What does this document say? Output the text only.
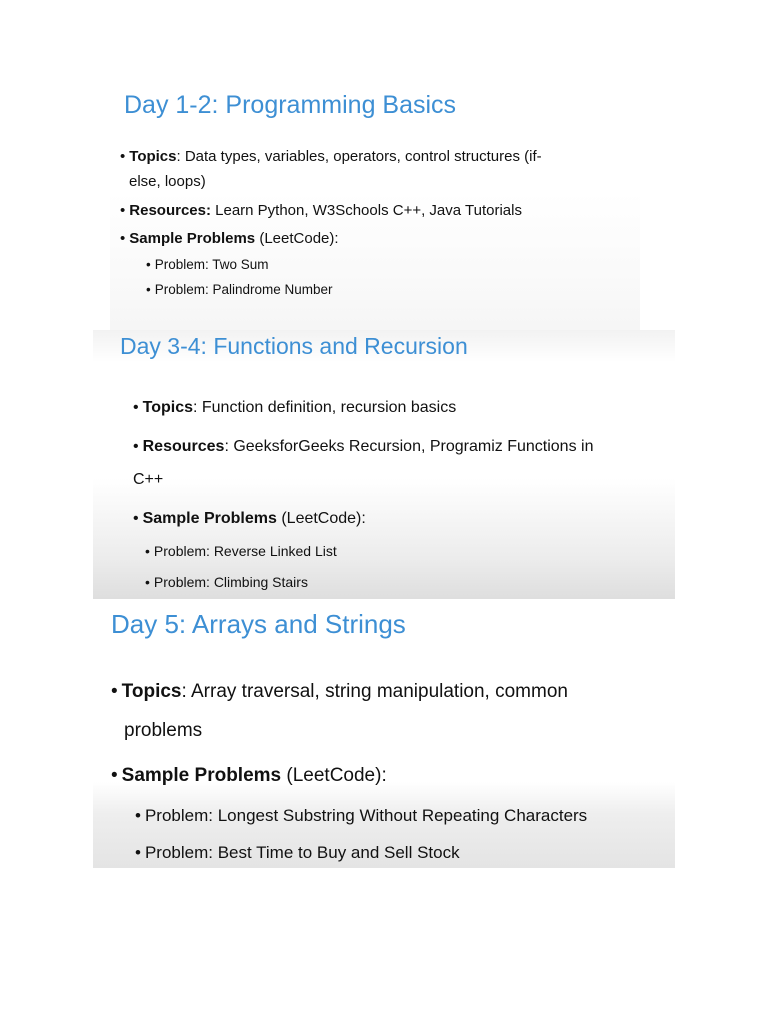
Day 1-2: Programming Basics
• Topics: Data types, variables, operators, control structures (if-
else, loops)
• Resources: Learn Python, W3Schools C++, Java Tutorials
• Sample Problems (LeetCode):
• Problem: Two Sum
• Problem: Palindrome Number
Day 3-4: Functions and Recursion
• Topics: Function definition, recursion basics
• Resources: GeeksforGeeks Recursion, Programiz Functions in
C++
• Sample Problems (LeetCode):
• Problem: Reverse Linked List
• Problem: Climbing Stairs
Day 5: Arrays and Strings
• Topics: Array traversal, string manipulation, common
problems
• Sample Problems (LeetCode):
• Problem: Longest Substring Without Repeating Characters
• Problem: Best Time to Buy and Sell Stock
